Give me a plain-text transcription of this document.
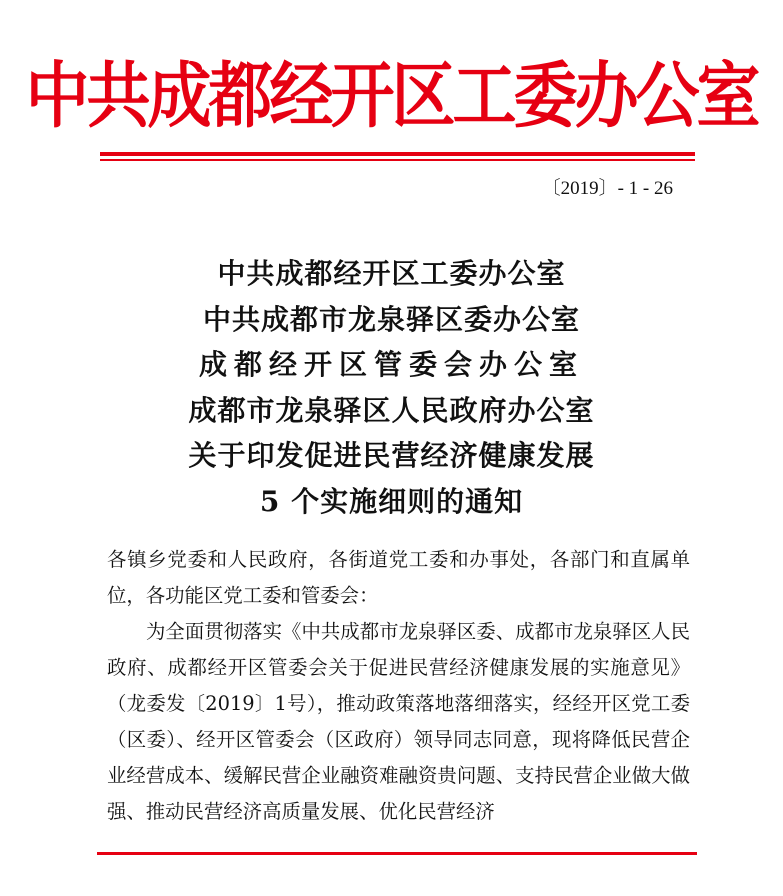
中共成都经开区工委办公室
〔2019〕- 1 - 26
中共成都经开区工委办公室
中共成都市龙泉驿区委办公室
成都经开区管委会办公室
成都市龙泉驿区人民政府办公室
关于印发促进民营经济健康发展
5 个实施细则的通知

各镇乡党委和人民政府，各街道党工委和办事处，各部门和直属单位，各功能区党工委和管委会：

为全面贯彻落实《中共成都市龙泉驿区委、成都市龙泉驿区人民政府、成都经开区管委会关于促进民营经济健康发展的实施意见》（龙委发〔2019〕1号），推动政策落地落细落实，经经开区党工委（区委）、经开区管委会（区政府）领导同志同意，现将降低民营企业经营成本、缓解民营企业融资难融资贵问题、支持民营企业做大做强、推动民营经济高质量发展、优化民营经济
